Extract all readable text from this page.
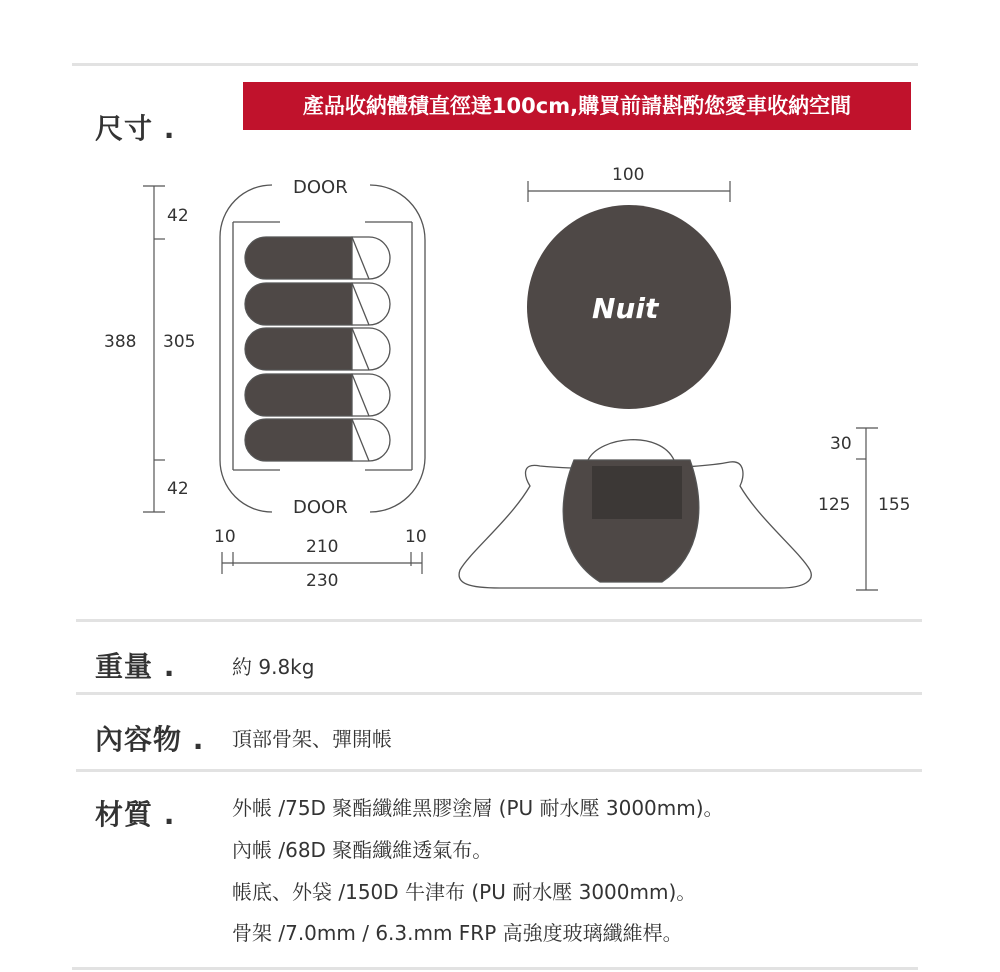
尺寸 .
產品收納體積直徑達100cm,購買前請斟酌您愛車收納空間
388 305
42
42
DOOR
DOOR
10	10
210
230
100
Nuit
30
125 155
重量 .	約 9.8kg
內容物 . 頂部骨架、彈開帳
材質 .	外帳 /75D 聚酯纖維黑膠塗層 (PU 耐水壓 3000mm)。
內帳 /68D 聚酯纖維透氣布。
帳底、外袋 /150D 牛津布 (PU 耐水壓 3000mm)。
骨架 /7.0mm / 6.3.mm FRP 高強度玻璃纖維桿。
